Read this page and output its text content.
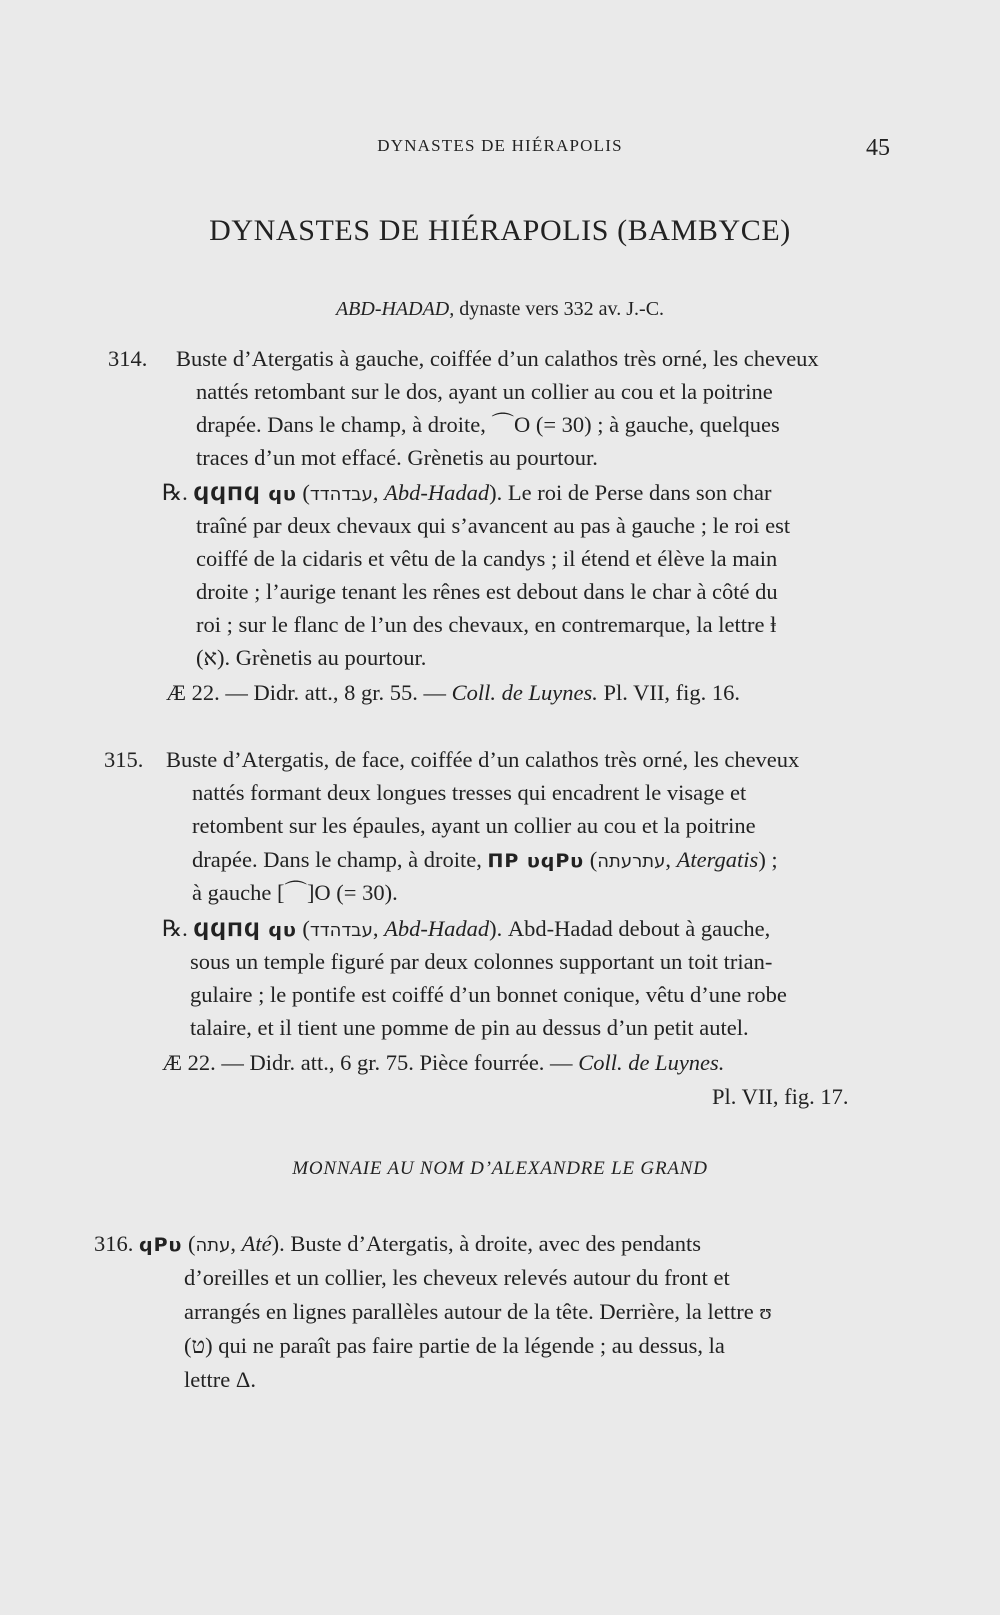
DYNASTES DE HIÉRAPOLIS	45
DYNASTES DE HIÉRAPOLIS (BAMBYCE)
ABD-HADAD, dynaste vers 332 av. J.-C.
314. Buste d’Atergatis à gauche, coiffée d’un calathos très orné, les cheveux
nattés retombant sur le dos, ayant un collier au cou et la poitrine
drapée. Dans le champ, à droite, ⌒O (= 30) ; à gauche, quelques
traces d’un mot effacé. Grènetis au pourtour.
℞. ϤϤΠϤ ϥυ (עבדהדד, Abd-Hadad). Le roi de Perse dans son char
traîné par deux chevaux qui s’avancent au pas à gauche ; le roi est
coiffé de la cidaris et vêtu de la candys ; il étend et élève la main
droite ; l’aurige tenant les rênes est debout dans le char à côté du
roi ; sur le flanc de l’un des chevaux, en contremarque, la lettre ⱡ
(א). Grènetis au pourtour.
Æ 22. — Didr. att., 8 gr. 55. — Coll. de Luynes. Pl. VII, fig. 16.
315. Buste d’Atergatis, de face, coiffée d’un calathos très orné, les cheveux
nattés formant deux longues tresses qui encadrent le visage et
retombent sur les épaules, ayant un collier au cou et la poitrine
drapée. Dans le champ, à droite, ΠΡ υϥΡυ (עתרעתה, Atergatis) ;
à gauche [⌒]O (= 30).
℞. ϤϤΠϤ ϥυ (עבדהדד, Abd-Hadad). Abd-Hadad debout à gauche,
sous un temple figuré par deux colonnes supportant un toit trian-
gulaire ; le pontife est coiffé d’un bonnet conique, vêtu d’une robe
talaire, et il tient une pomme de pin au dessus d’un petit autel.
Æ 22. — Didr. att., 6 gr. 75. Pièce fourrée. — Coll. de Luynes.
Pl. VII, fig. 17.
MONNAIE AU NOM D’ALEXANDRE LE GRAND
316. ϥΡυ (עתה, Até). Buste d’Atergatis, à droite, avec des pendants
d’oreilles et un collier, les cheveux relevés autour du front et
arrangés en lignes parallèles autour de la tête. Derrière, la lettre ʊ
(ט) qui ne paraît pas faire partie de la légende ; au dessus, la
lettre Δ.
